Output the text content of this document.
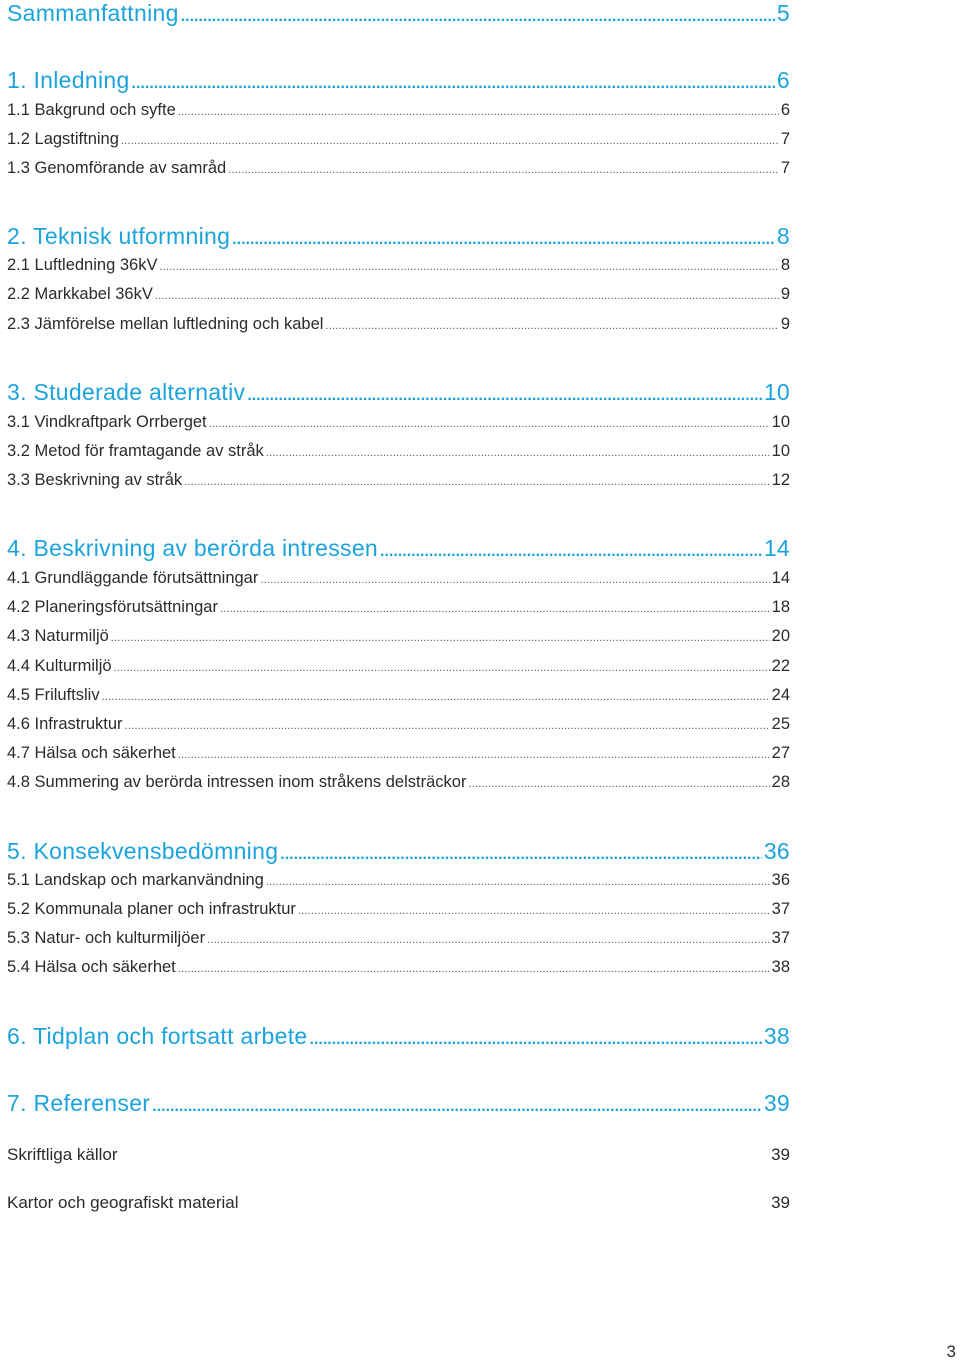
Sammanfattning .....	5
1. Inledning .....	6
1.1 Bakgrund och syfte .....	6
1.2 Lagstiftning .....	7
1.3 Genomförande av samråd .....	7
2. Teknisk utformning .....	8
2.1 Luftledning 36kV .....	8
2.2 Markkabel 36kV .....	9
2.3 Jämförelse mellan luftledning och kabel .....	9
3. Studerade alternativ .....	10
3.1 Vindkraftpark Orrberget .....	10
3.2 Metod för framtagande av stråk .....	10
3.3 Beskrivning av stråk .....	12
4. Beskrivning av berörda intressen .....	14
4.1 Grundläggande förutsättningar .....	14
4.2 Planeringsförutsättningar .....	18
4.3 Naturmiljö .....	20
4.4 Kulturmiljö .....	22
4.5 Friluftsliv .....	24
4.6 Infrastruktur .....	25
4.7 Hälsa och säkerhet .....	27
4.8 Summering av berörda intressen inom stråkens delsträckor .....	28
5. Konsekvensbedömning .....	36
5.1 Landskap och markanvändning .....	36
5.2 Kommunala planer och infrastruktur .....	37
5.3 Natur- och kulturmiljöer .....	37
5.4 Hälsa och säkerhet .....	38
6. Tidplan och fortsatt arbete .....	38
7. Referenser .....	39
Skriftliga källor	39
Kartor och geografiskt material	39
3
